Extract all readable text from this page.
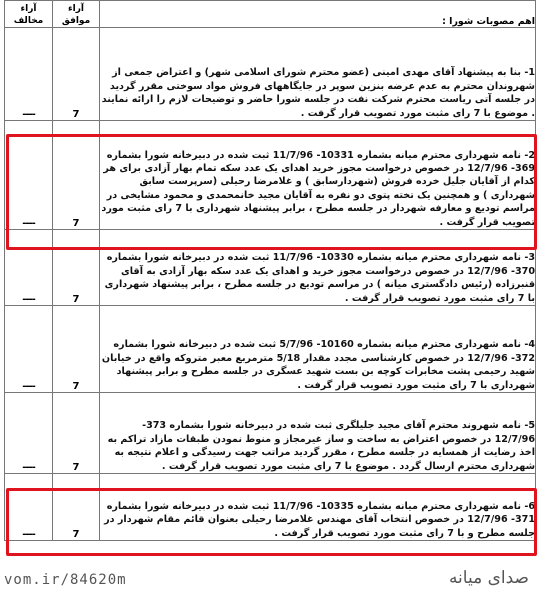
اهم مصوبات شورا :	آراء موافق	آراء مخالف
1- بنا به پیشنهاد آقای مهدی امینی (عضو محترم شورای اسلامی شهر) و اعتراض جمعی از شهروندان محترم به عدم عرضه بنزین سوپر در جایگاههای فروش مواد سوختی مقرر گردید در جلسه آتی ریاست محترم شرکت نفت در جلسه شورا حاضر و توضیحات لازم را ارائه نمایند . موضوع با 7 رای مثبت مورد تصویب قرار گرفت .	7	----
2- نامه شهرداری محترم میانه بشماره 10331- 11/7/96 ثبت شده در دبیرخانه شورا بشماره 369- 12/7/96 در خصوص درخواست مجوز خرید اهدای یک عدد سکه تمام بهار آزادی برای هر کدام از آقایان جلیل خرده فروش (شهردارسابق ) و غلامرضا رحیلی (سرپرست سابق شهرداری ) و همچنین یک تخته پتوی دو نفره به آقایان مجید خانمحمدی و محمود مشایخی در مراسم تودیع و معارفه شهردار در جلسه مطرح ، برابر پیشنهاد شهرداری با 7 رای مثبت مورد تصویب قرار گرفت .	7	----
3- نامه شهرداری محترم میانه بشماره 10330- 11/7/96 ثبت شده در دبیرخانه شورا بشماره 370- 12/7/96 در خصوص درخواست مجوز خرید و اهدای یک عدد سکه بهار آزادی به آقای قنبرزاده (رئیس دادگستری میانه ) در مراسم تودیع در جلسه مطرح ، برابر پیشنهاد شهرداری با 7 رای مثبت مورد تصویب قرار گرفت .	7	----
4- نامه شهرداری محترم میانه بشماره 10160- 5/7/96 ثبت شده در دبیرخانه شورا بشماره 372- 12/7/96 در خصوص کارشناسی مجدد مقدار 5/18 مترمربع معبر متروکه واقع در خیابان شهید رحیمی پشت مخابرات کوچه بن بست شهید عسگری در جلسه مطرح و برابر پیشنهاد شهرداری با 7 رای مثبت مورد تصویب قرار گرفت .	7	----
5- نامه شهروند محترم آقای مجید جلیلگری ثبت شده در دبیرخانه شورا بشماره 373- 12/7/96 در خصوص اعتراض به ساخت و ساز غیرمجاز و منوط نمودن طبقات مازاد تراکم به اخذ رضایت از همسایه در جلسه مطرح ، مقرر گردید مراتب جهت رسیدگی و اعلام نتیجه به شهرداری محترم ارسال گردد . موضوع با 7 رای مثبت مورد تصویب قرار گرفت .	7	----
6- نامه شهرداری محترم میانه بشماره 10335- 11/7/96 ثبت شده در دبیرخانه شورا بشماره 371- 12/7/96 در خصوص انتخاب آقای مهندس غلامرضا رحیلی بعنوان قائم مقام شهردار در جلسه مطرح و با 7 رای مثبت مورد تصویب قرار گرفت .	7	----
vom.ir/84620m	صدای میانه
